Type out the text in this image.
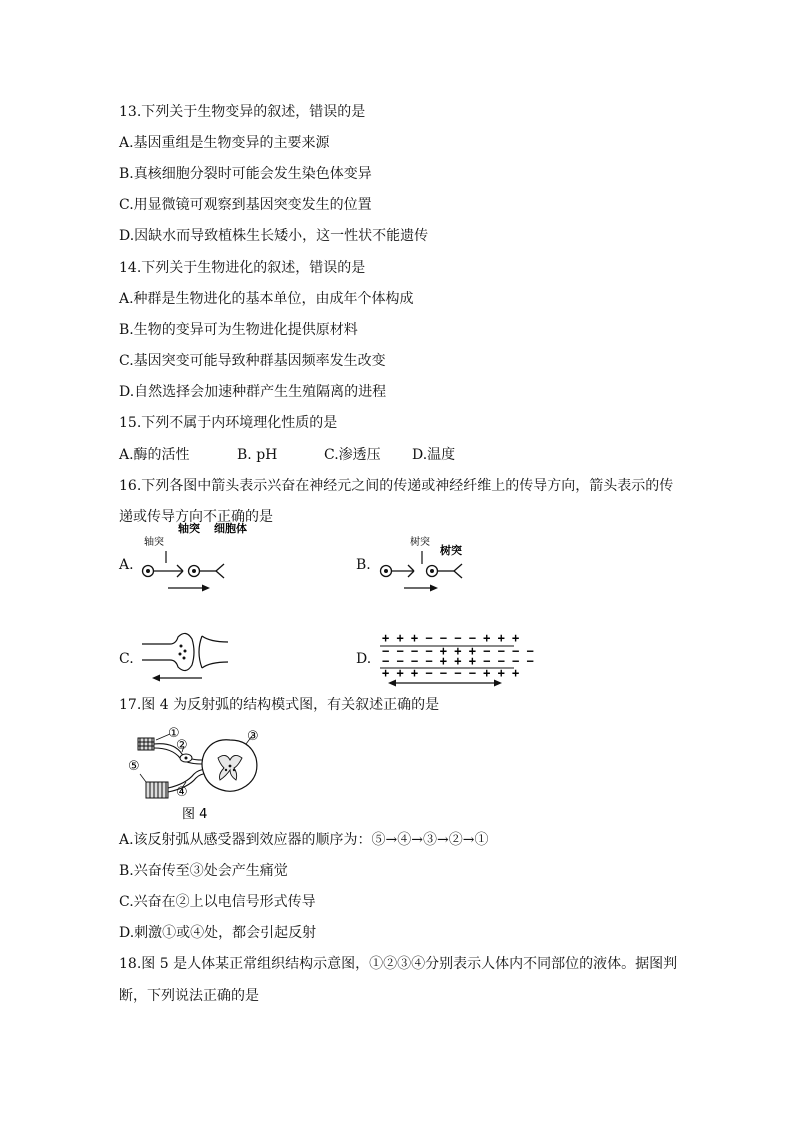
13.下列关于生物变异的叙述，错误的是
A.基因重组是生物变异的主要来源
B.真核细胞分裂时可能会发生染色体变异
C.用显微镜可观察到基因突变发生的位置
D.因缺水而导致植株生长矮小，这一性状不能遗传
14.下列关于生物进化的叙述，错误的是
A.种群是生物进化的基本单位，由成年个体构成
B.生物的变异可为生物进化提供原材料
C.基因突变可能导致种群基因频率发生改变
D.自然选择会加速种群产生生殖隔离的进程
15.下列不属于内环境理化性质的是
A.酶的活性	B. pH	C.渗透压 D.温度
16.下列各图中箭头表示兴奋在神经元之间的传递或神经纤维上的传导方向，箭头表示的传
递或传导方向不正确的是
A.
轴突 细胞体
轴突
B.
树突
树突
C.	D.
+ + + − − − − + + +
− − − − + + + − − − −
− − − − + + + − − − −
+ + + − − − − + + +
17.图 4 为反射弧的结构模式图，有关叙述正确的是
①
②
③
④
⑤
图 4
A.该反射弧从感受器到效应器的顺序为：⑤→④→③→②→①
B.兴奋传至③处会产生痛觉
C.兴奋在②上以电信号形式传导
D.刺激①或④处，都会引起反射
18.图 5 是人体某正常组织结构示意图，①②③④分别表示人体内不同部位的液体。据图判
断，下列说法正确的是
